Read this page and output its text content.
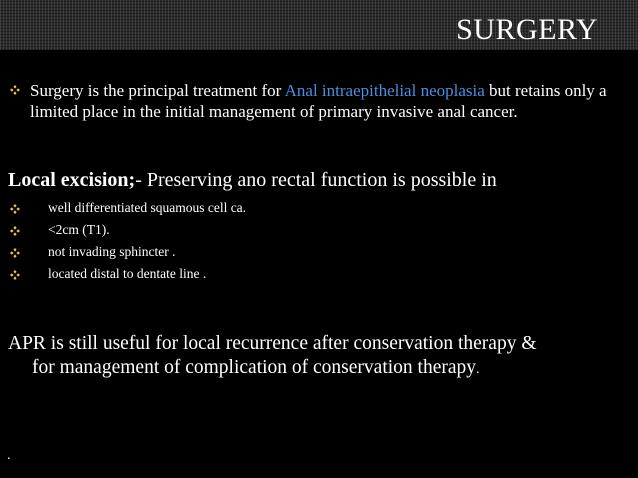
SURGERY
Surgery is the principal treatment for Anal intraepithelial neoplasia but retains only a limited place in the initial management of primary invasive anal cancer.
Local excision;- Preserving ano rectal function is possible in
well differentiated squamous cell ca.
<2cm (T1).
not invading sphincter .
located distal to dentate line .
APR is still useful for local recurrence after conservation therapy &
for management of complication of conservation therapy.
.
